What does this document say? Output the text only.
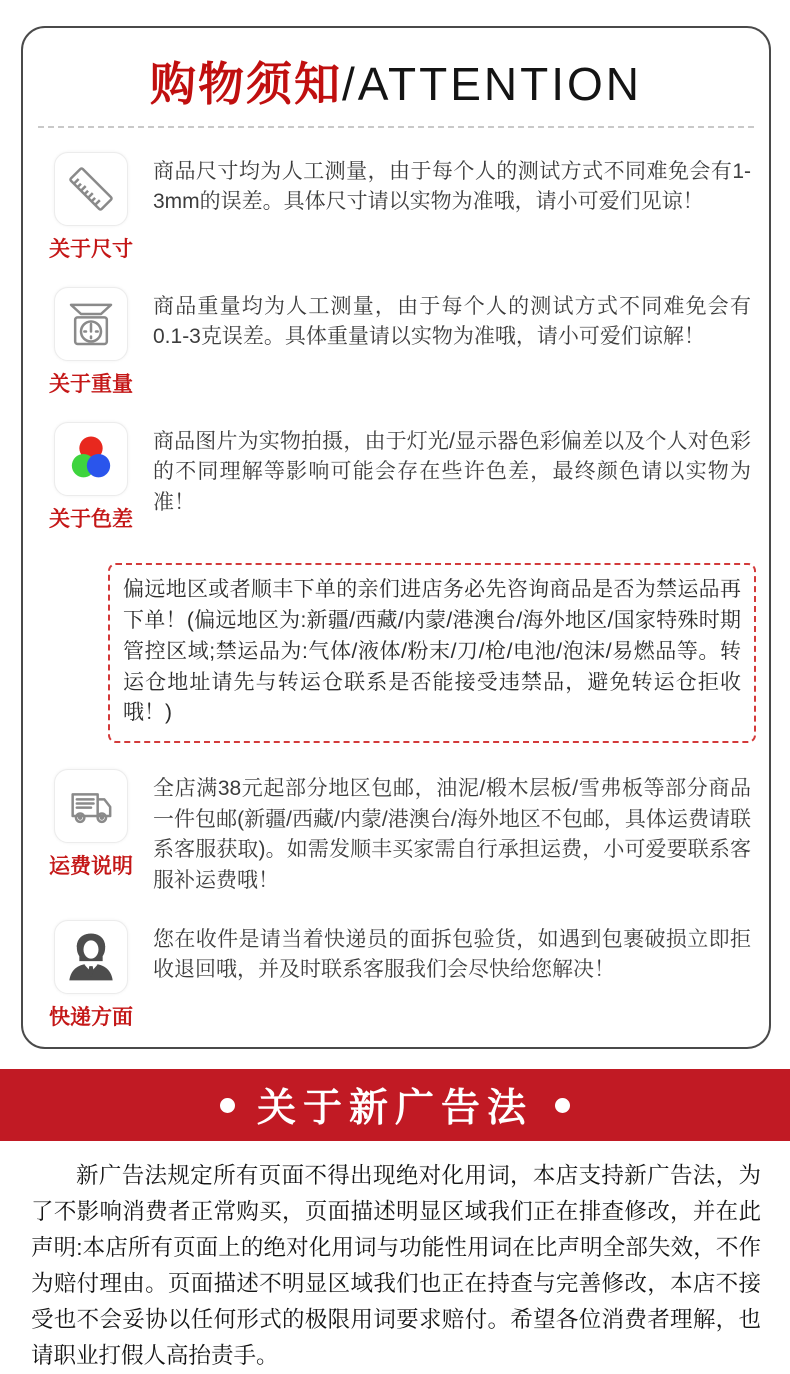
购物须知/ATTENTION
关于尺寸
商品尺寸均为人工测量，由于每个人的测试方式不同难免会有1-3mm的误差。具体尺寸请以实物为准哦，请小可爱们见谅！
关于重量
商品重量均为人工测量，由于每个人的测试方式不同难免会有0.1-3克误差。具体重量请以实物为准哦，请小可爱们谅解！
关于色差
商品图片为实物拍摄，由于灯光/显示器色彩偏差以及个人对色彩的不同理解等影响可能会存在些许色差，最终颜色请以实物为准！
偏远地区或者顺丰下单的亲们进店务必先咨询商品是否为禁运品再下单！(偏远地区为:新疆/西藏/内蒙/港澳台/海外地区/国家特殊时期管控区域;禁运品为:气体/液体/粉末/刀/枪/电池/泡沫/易燃品等。转运仓地址请先与转运仓联系是否能接受违禁品，避免转运仓拒收哦！)
运费说明
全店满38元起部分地区包邮，油泥/椴木层板/雪弗板等部分商品一件包邮(新疆/西藏/内蒙/港澳台/海外地区不包邮，具体运费请联系客服获取)。如需发顺丰买家需自行承担运费，小可爱要联系客服补运费哦！
快递方面
您在收件是请当着快递员的面拆包验货，如遇到包裹破损立即拒收退回哦，并及时联系客服我们会尽快给您解决！
关于新广告法
新广告法规定所有页面不得出现绝对化用词，本店支持新广告法，为了不影响消费者正常购买，页面描述明显区域我们正在排查修改，并在此声明:本店所有页面上的绝对化用词与功能性用词在比声明全部失效，不作为赔付理由。页面描述不明显区域我们也正在持查与完善修改，本店不接受也不会妥协以任何形式的极限用词要求赔付。希望各位消费者理解，也请职业打假人高抬责手。
